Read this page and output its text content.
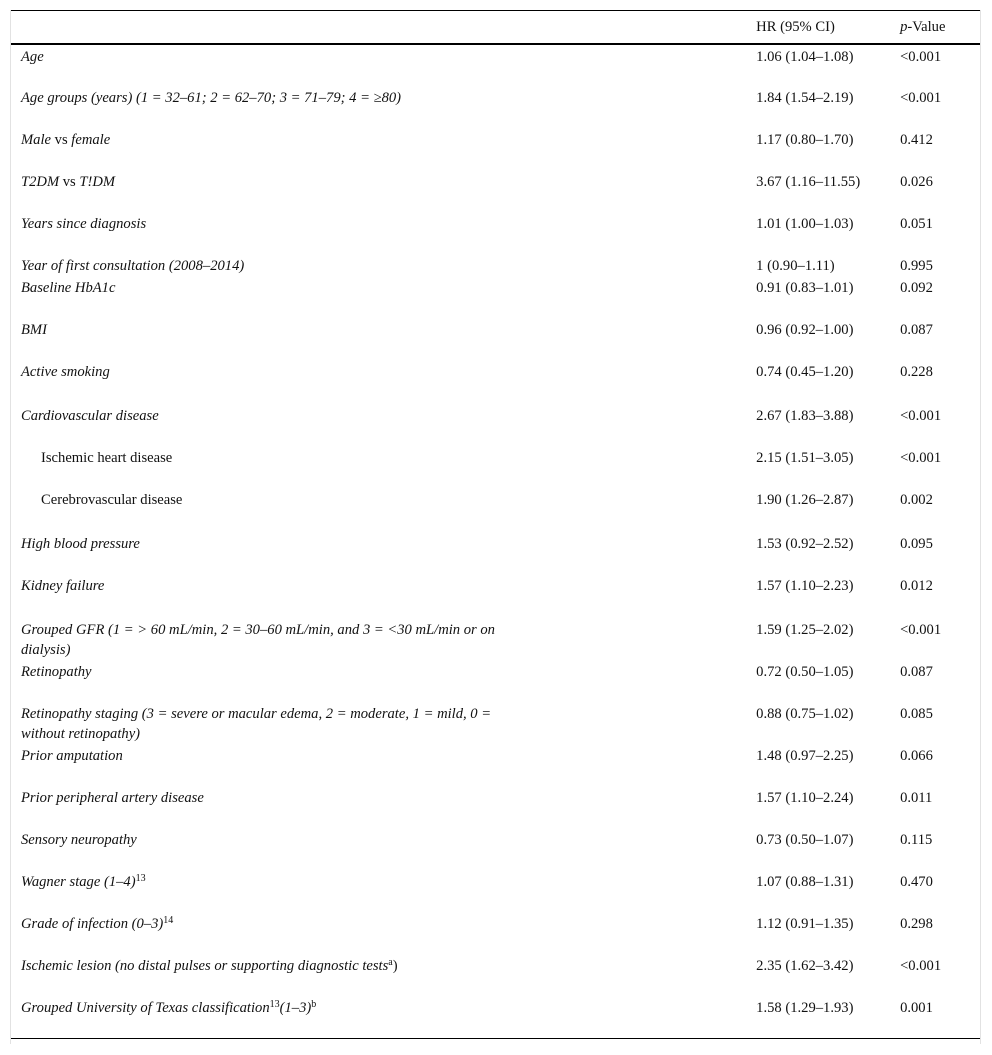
	HR (95% CI)	p-Value
Age	1.06 (1.04–1.08)	<0.001
Age groups (years) (1 = 32–61; 2 = 62–70; 3 = 71–79; 4 = ≥80)	1.84 (1.54–2.19)	<0.001
Male vs female	1.17 (0.80–1.70)	0.412
T2DM vs T!DM	3.67 (1.16–11.55)	0.026
Years since diagnosis	1.01 (1.00–1.03)	0.051
Year of first consultation (2008–2014)	1 (0.90–1.11)	0.995
Baseline HbA1c	0.91 (0.83–1.01)	0.092
BMI	0.96 (0.92–1.00)	0.087
Active smoking	0.74 (0.45–1.20)	0.228
Cardiovascular disease	2.67 (1.83–3.88)	<0.001
Ischemic heart disease	2.15 (1.51–3.05)	<0.001
Cerebrovascular disease	1.90 (1.26–2.87)	0.002
High blood pressure	1.53 (0.92–2.52)	0.095
Kidney failure	1.57 (1.10–2.23)	0.012
Grouped GFR (1 = > 60 mL/min, 2 = 30–60 mL/min, and 3 = <30 mL/min or on dialysis)	1.59 (1.25–2.02)	<0.001
Retinopathy	0.72 (0.50–1.05)	0.087
Retinopathy staging (3 = severe or macular edema, 2 = moderate, 1 = mild, 0 = without retinopathy)	0.88 (0.75–1.02)	0.085
Prior amputation	1.48 (0.97–2.25)	0.066
Prior peripheral artery disease	1.57 (1.10–2.24)	0.011
Sensory neuropathy	0.73 (0.50–1.07)	0.115
Wagner stage $(1-4)^{13}$	1.07 (0.88–1.31)	0.470
Grade of infection $(0-3)^{14}$	1.12 (0.91–1.35)	0.298
Ischemic lesion (no distal pulses or supporting diagnostic tests$^a$)	2.35 (1.62–3.42)	<0.001
Grouped University of Texas $classification^{13}(1-3)^b$	1.58 (1.29–1.93)	0.001
